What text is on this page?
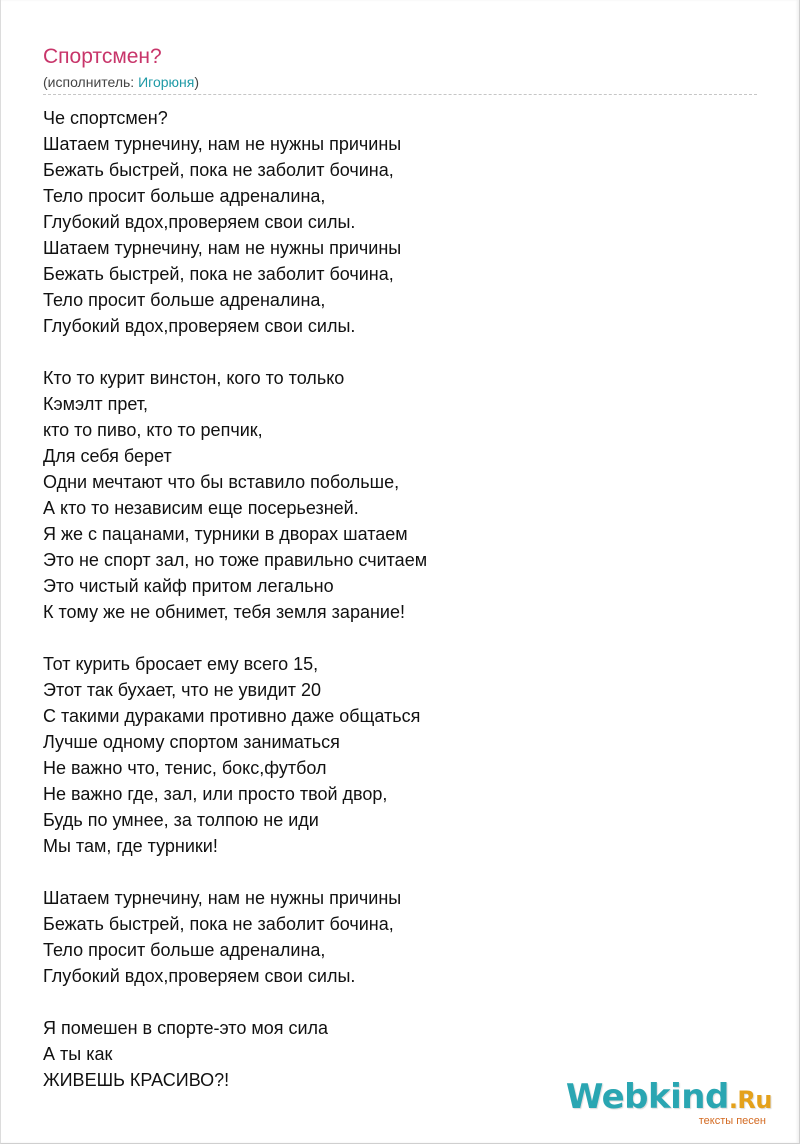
Спортсмен?
(исполнитель: Игорюня)
Че спортсмен?
Шатаем турнечину, нам не нужны причины
Бежать быстрей, пока не заболит бочина,
Тело просит больше адреналина,
Глубокий вдох,проверяем свои силы.
Шатаем турнечину, нам не нужны причины
Бежать быстрей, пока не заболит бочина,
Тело просит больше адреналина,
Глубокий вдох,проверяем свои силы.
Кто то курит винстон, кого то только
Кэмэлт прет,
кто то пиво, кто то репчик,
Для себя берет
Одни мечтают что бы вставило побольше,
А кто то независим еще посерьезней.
Я же с пацанами, турники в дворах шатаем
Это не спорт зал, но тоже правильно считаем
Это чистый кайф притом легально
К тому же не обнимет, тебя земля зарание!
Тот курить бросает ему всего 15,
Этот так бухает, что не увидит 20
С такими дураками противно даже общаться
Лучше одному спортом заниматься
Не важно что, тенис, бокс,футбол
Не важно где, зал, или просто твой двор,
Будь по умнее, за толпою не иди
Мы там, где турники!
Шатаем турнечину, нам не нужны причины
Бежать быстрей, пока не заболит бочина,
Тело просит больше адреналина,
Глубокий вдох,проверяем свои силы.
Я помешен в спорте-это моя сила
А ты как
ЖИВЕШЬ КРАСИВО?!	Webkind.Ru
тексты песен
